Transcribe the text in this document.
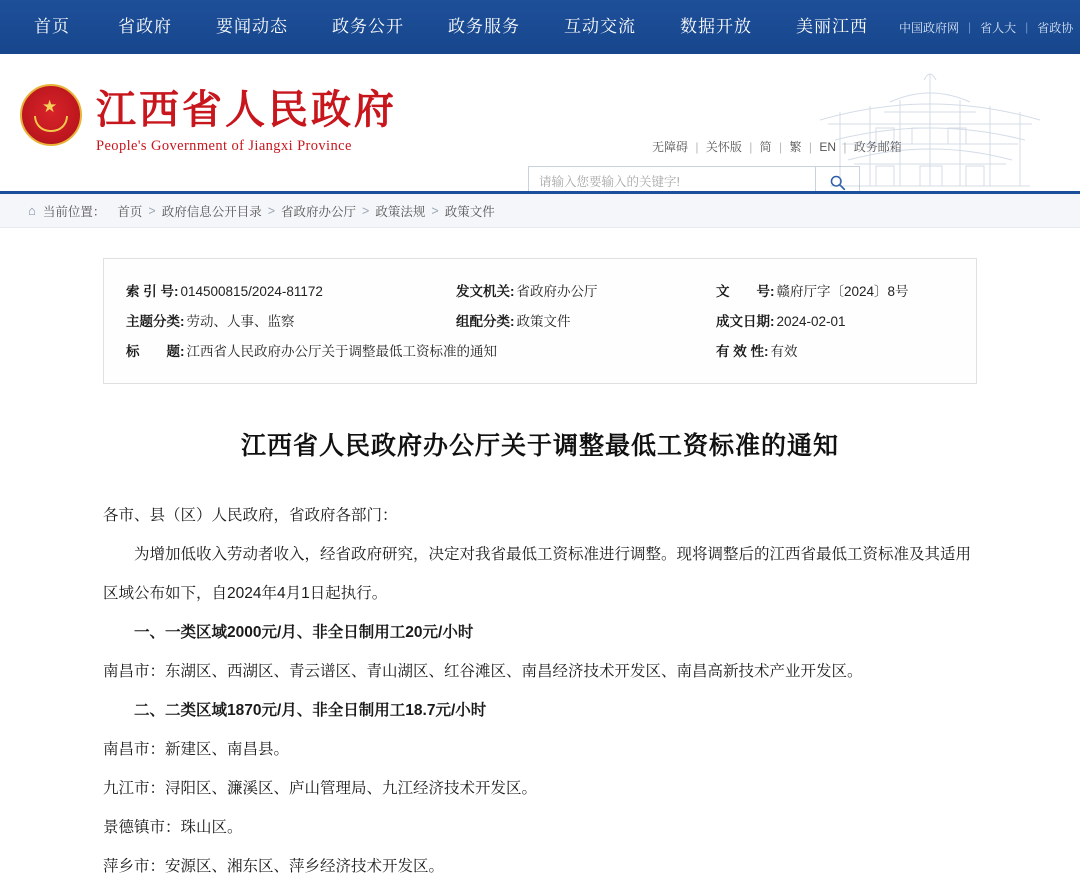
首页	省政府	要闻动态	政务公开	政务服务	互动交流	数据开放	美丽江西	中国政府网 | 省人大 | 省政协
★ 江西省人民政府
People's Government of Jiangxi Province	无障碍 | 关怀版 | 简 | 繁 | EN | 政务邮箱
请输入您要输入的关键字!
⌂ 当前位置： 首页 > 政府信息公开目录 > 省政府办公厅 > 政策法规 > 政策文件
索 引 号: 014500815/2024-81172	发文机关: 省政府办公厅	文　　号: 赣府厅字〔2024〕8号
主题分类: 劳动、人事、监察	组配分类: 政策文件	成文日期: 2024-02-01
标　　题: 江西省人民政府办公厅关于调整最低工资标准的通知	有 效 性: 有效
江西省人民政府办公厅关于调整最低工资标准的通知

各市、县（区）人民政府，省政府各部门：

为增加低收入劳动者收入，经省政府研究，决定对我省最低工资标准进行调整。现将调整后的江西省最低工资标准及其适用区域公布如下，自2024年4月1日起执行。

一、一类区域2000元/月、非全日制用工20元/小时

南昌市：东湖区、西湖区、青云谱区、青山湖区、红谷滩区、南昌经济技术开发区、南昌高新技术产业开发区。

二、二类区域1870元/月、非全日制用工18.7元/小时

南昌市：新建区、南昌县。

九江市：浔阳区、濂溪区、庐山管理局、九江经济技术开发区。

景德镇市：珠山区。

萍乡市：安源区、湘东区、萍乡经济技术开发区。
